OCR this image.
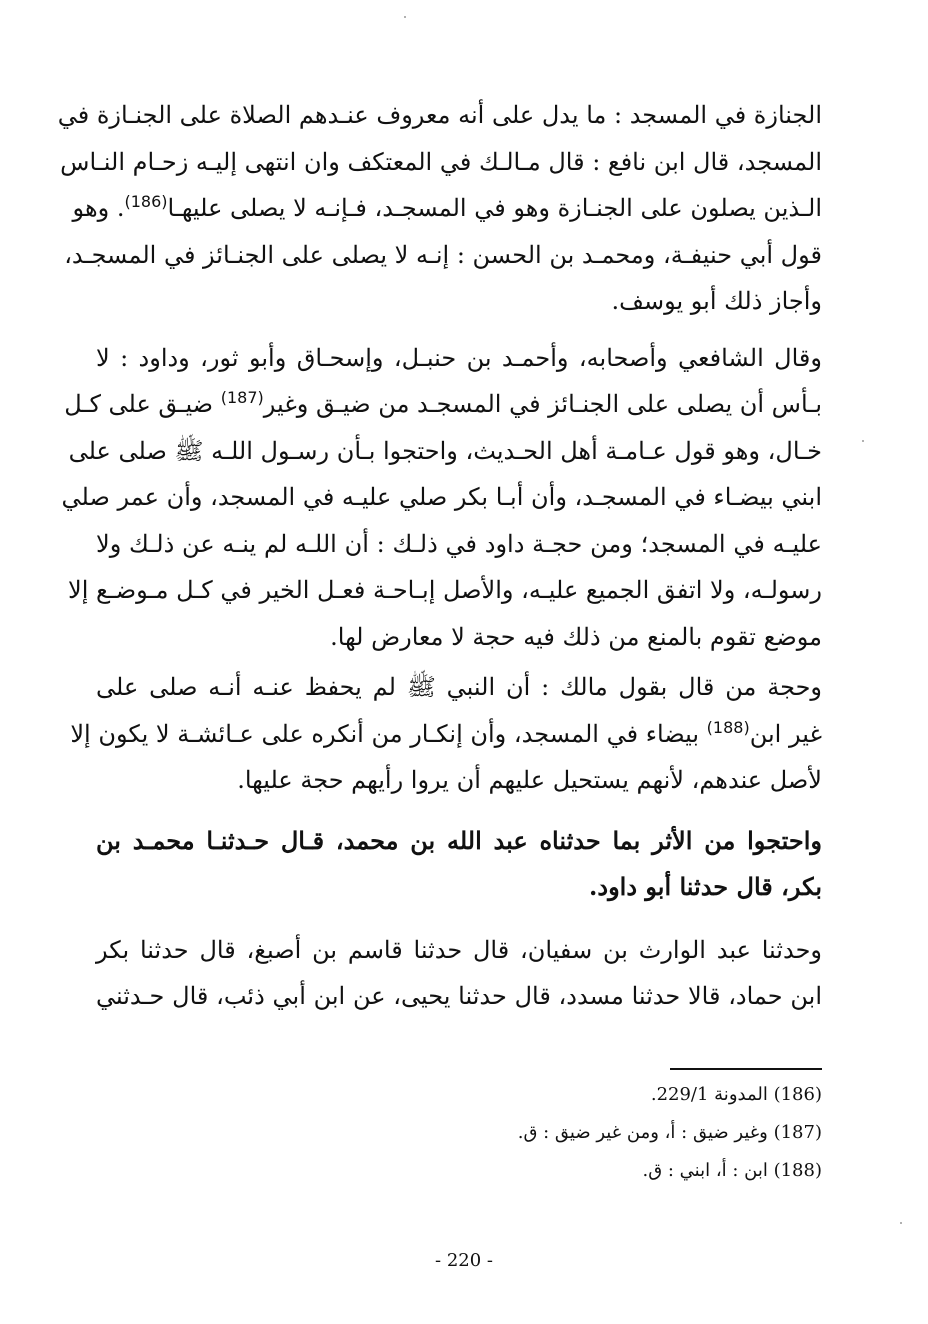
الجنازة في المسجد : ما يدل على أنه معروف عنـدهم الصلاة على الجنـازة في
المسجد، قال ابن نافع : قال مـالـك في المعتكف وان انتهى إليـه زحـام النـاس
الـذين يصلون على الجنـازة وهو في المسجـد، فـإنـه لا يصلى عليهـا$^{(186)}$. وهو
قول أبي حنيفـة، ومحمـد بن الحسن : إنـه لا يصلى على الجنـائز في المسجـد،
وأجاز ذلك أبو يوسف.
وقال الشافعي وأصحابه، وأحمـد بن حنبـل، وإسحـاق وأبو ثور، وداود : لا
بـأس أن يصلى على الجنـائز في المسجـد من ضيـق وغير$^{(187)}$ ضيـق على كـل
خـال، وهو قول عـامـة أهل الحـديث، واحتجوا بـأن رسـول اللـه ﷺ صلى على
ابني بيضـاء في المسجـد، وأن أبـا بكر صلي عليـه في المسجد، وأن عمر صلي
عليـه في المسجد؛ ومن حجـة داود في ذلـك : أن اللـه لم ينـه عن ذلـك ولا
رسولـه، ولا اتفق الجميع عليـه، والأصل إبـاحـة فعـل الخير في كـل مـوضـع إلا
موضع تقوم بالمنع من ذلك فيه حجة لا معارض لها.
وحجة من قال بقول مالك : أن النبي ﷺ لم يحفظ عنـه أنـه صلى على
غير ابن$^{(188)}$ بيضاء في المسجد، وأن إنكـار من أنكره على عـائشـة لا يكون إلا
لأصل عندهم، لأنهم يستحيل عليهم أن يروا رأيهم حجة عليها.
واحتجوا من الأثر بما حدثناه عبد الله بن محمد، قـال حـدثنـا محمـد بن
بكر، قال حدثنا أبو داود.
وحدثنا عبد الوارث بن سفيان، قال حدثنا قاسم بن أصبغ، قال حدثنا بكر
ابن حماد، قالا حدثنا مسدد، قال حدثنا يحيى، عن ابن أبي ذئب، قال حـدثني
(186) المدونة 229/1.
(187) وغير ضيق : أ، ومن غير ضيق : ق.
(188) ابن : أ، ابني : ق.
- 220 -
